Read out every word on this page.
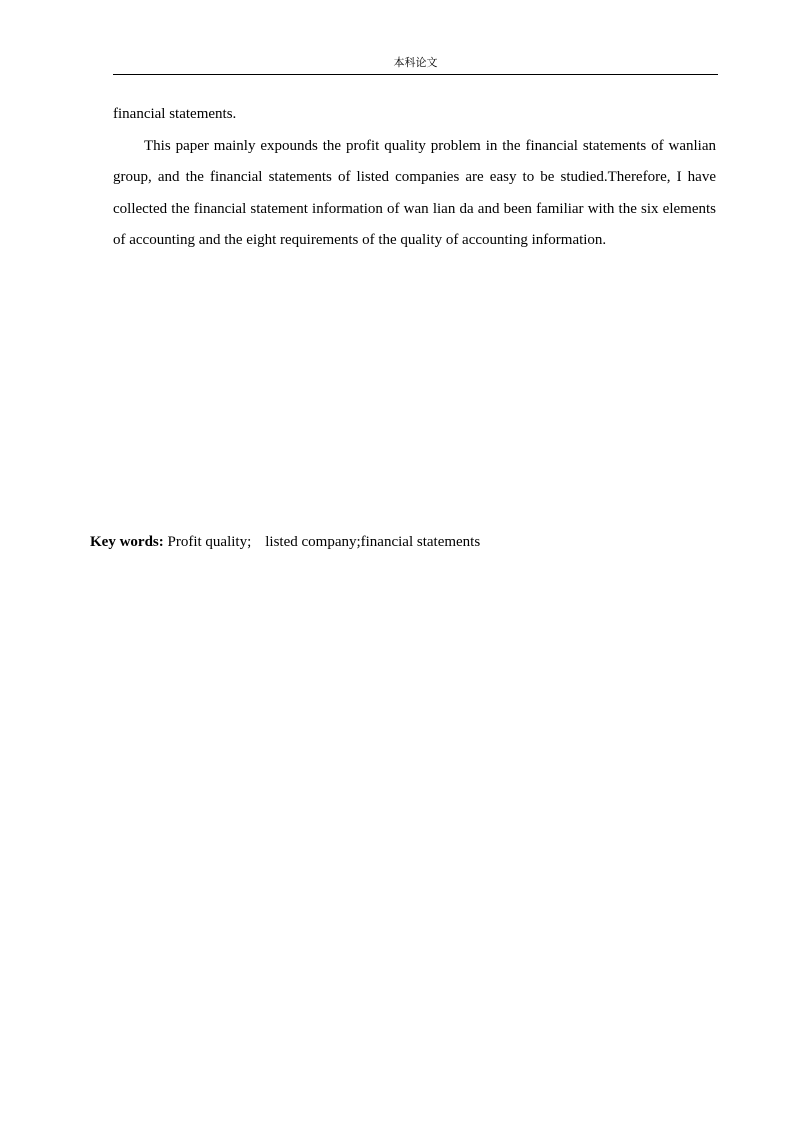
本科论文

financial statements.

This paper mainly expounds the profit quality problem in the financial statements of wanlian group, and the financial statements of listed companies are easy to be studied.Therefore, I have collected the financial statement information of wan lian da and been familiar with the six elements of accounting and the eight requirements of the quality of accounting information.

Key words: Profit quality; listed company;financial statements
